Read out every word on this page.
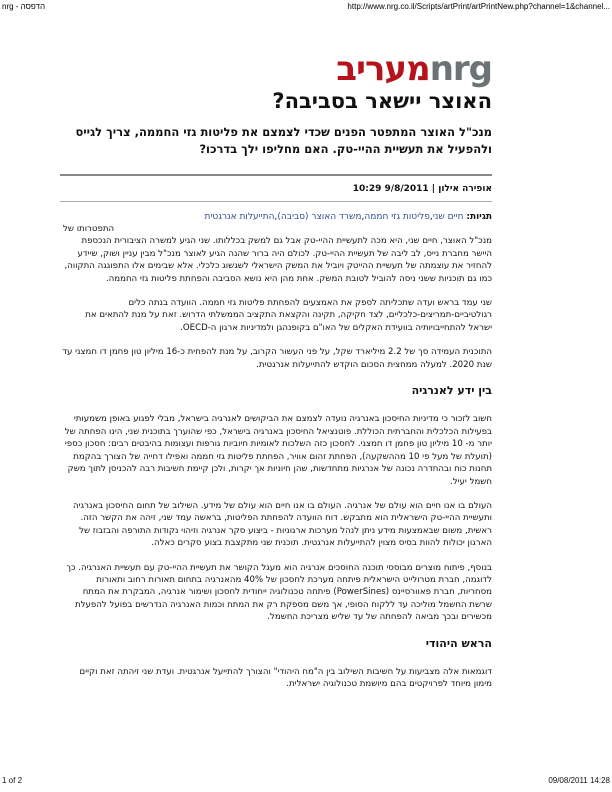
הדפסה - nrg	http://www.nrg.co.il/Scripts/artPrint/artPrintNew.php?channel=1&channel...
מעריבnrg
האוצר יישאר בסביבה?
מנכ"ל האוצר המתפטר הפנים שכדי לצמצם את פליטות גזי החממה, צריך לגייס ולהפעיל את תעשיית ההיי-טק. האם מחליפו ילך בדרכו?
אופירה אילון | 9/8/2011 10:29
תגיות: חיים שני,פליטות גזי חממה,משרד האוצר (סביבה),התייעלות אנרגטית
התפטרותו של

מנכ"ל האוצר, חיים שני, היא מכה לתעשיית ההיי-טק אבל גם למשק בכללותו. שני הגיע למשרה הציבורית הנכספת היישר מחברת נייס, לב ליבה של תעשיית ההיי-טק. לכולם היה ברור שהנה הגיע לאוצר מנכ"ל מבין עניין ושוק, שיידע להחזיר את עוצמתה של תעשיית ההייטק ויוביל את המשק הישראלי לשגשוג כלכלי. אלא שבימים אלו התפוגגה התקווה, כמו גם תוכניות ששני ניסה להוביל לטובת המשק. אחת מהן היא נושא הסביבה והפחתת פליטות גזי החממה.

שני עמד בראש ועדה שתכליתה לספק את האמצעים להפחתת פליטות גזי חממה. הוועדה בנתה כלים רגולטיביים-תמריצים-כלכליים, לצד חקיקה, תקינה והקצאת התקציב הממשלתי הדרוש. זאת על מנת להתאים את ישראל להתחייבויותיה בוועידת האקלים של האו"ם בקופנהגן ולמדיניות ארגון ה-OECD.

התוכנית העמידה סך של 2.2 מיליארד שקל, על פני העשור הקרוב, על מנת להפחית כ-16 מיליון טון פחמן דו חמצני עד שנת 2020. למעלה ממחצית הסכום הוקדש להתייעלות אנרגטית.

בין ידע לאנרגיה

חשוב לזכור כי מדיניות החיסכון באנרגיה נועדה לצמצם את הביקושים לאנרגיה בישראל, מבלי לפגוע באופן משמעותי בפעילות הכלכלית והחברתית הכוללת. פוטנציאל החיסכון באנרגיה בישראל, כפי שהוערך בתוכנית שני, הינו הפחתה של יותר מ- 10 מיליון טון פחמן דו חמצני. לחסכון כזה השלכות לאומיות חיוביות גורפות ועצומות בהיבטים רבים: חסכון כספי (תועלת של מעל פי 10 מההשקעה), הפחתת זהום אוויר, הפחתת פליטות גזי חממה ואפילו דחייה של הצורך בהקמת תחנות כוח ובהחדרה נכונה של אנרגיות מתחדשות, שהן חיוניות אך יקרות, ולכן קיימת חשיבות רבה להכניסן לתוך משק חשמל יעיל.

העולם בו אנו חיים הוא עולם של אנרגיה. העולם בו אנו חיים הוא עולם של מידע. השילוב של תחום החיסכון באנרגיה ותעשיית ההיי-טק הישראלית הוא מתבקש. דוח הוועדה להפחתת הפליטות, בראשה עמד שני, זיהה את הקשר הזה. ראשית, משום שבאמצעות מידע ניתן לנהל מערכות ארגוניות - ביצוע סקר אנרגיה וזיהוי נקודות התורפה והבזבוז של הארגון יכולות להוות בסיס מצוין להתייעלות אנרגטית. תוכנית שני מתקצבת בצוע סקרים כאלה.

בנוסף, פיתוח מוצרים מבוססי תוכנה החוסכים אנרגיה הוא מעגל הקושר את תעשיית ההיי-טק עם תעשיית האנרגיה. כך לדוגמה, חברת מטרולייט הישראלית פיתחה מערכת לחסכון של 40% מהאנרגיה בתחום תאורות רחוב ותאורות מסחריות, חברת פאוורסיינס (PowerSines) פיתחה טכנולוגיה ייחודית לחסכון ושימור אנרגיה, המבקרת את המתח שרשת החשמל מוליכה עד ללקוח הסופי, אך משם מספקת רק את המתח וכמות האנרגיה הנדרשים בפועל להפעלת מכשירים ובכך מביאה להפחתה של עד שליש מצריכת החשמל.

הראש היהודי

דוגמאות אלה מצביעות על חשיבות השילוב בין ה"מח היהודי" והצורך להתייעל אנרגטית. ועדת שני זיהתה זאת וקיים מימון מיוחד לפרויקטים בהם מיושמת טכנולוגיה ישראלית.

1 of 2	09/08/2011 14:28
